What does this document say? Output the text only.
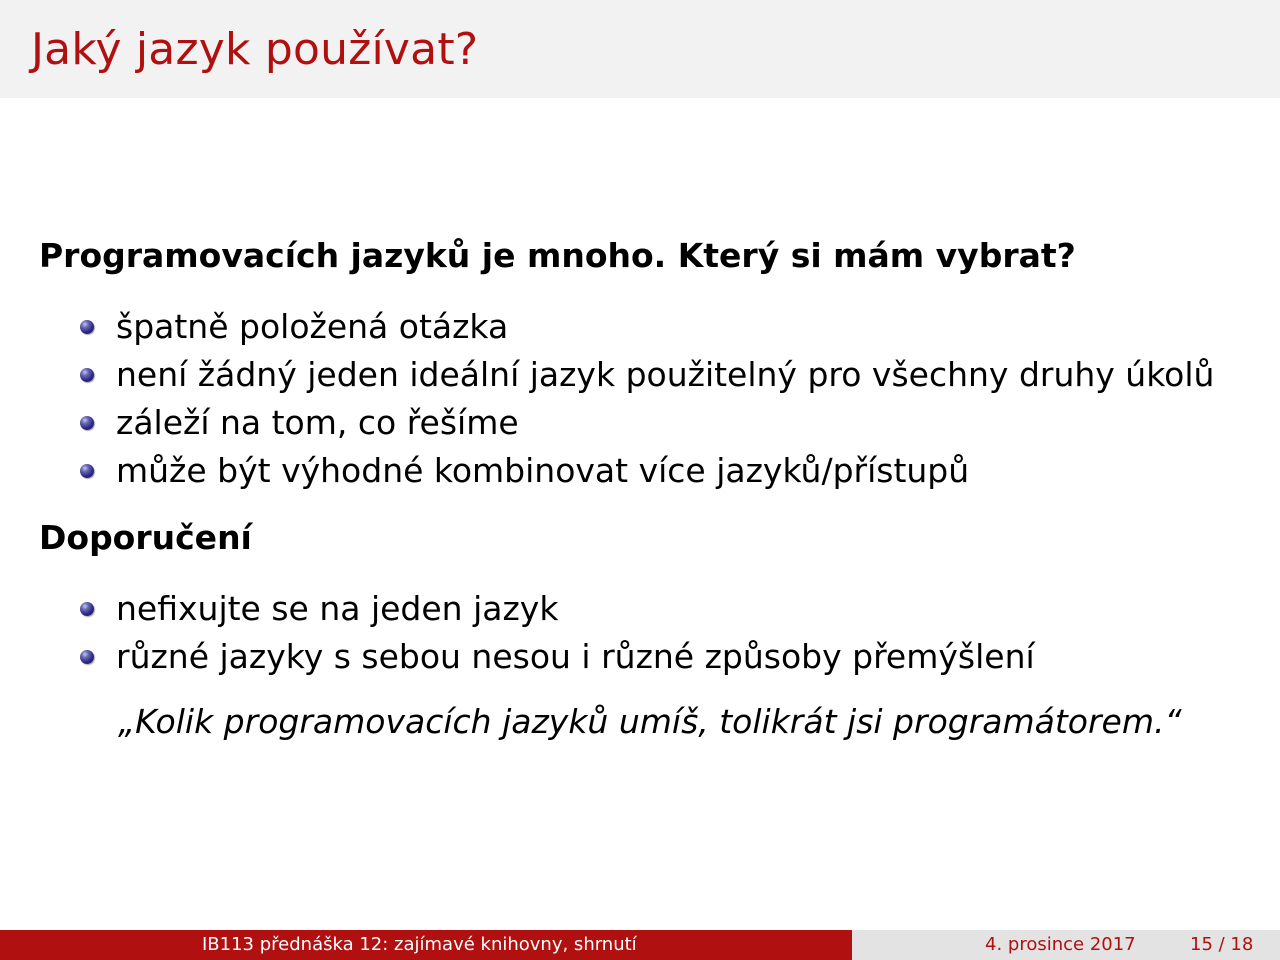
Jaký jazyk používat?
Programovacích jazyků je mnoho. Který si mám vybrat?
špatně položená otázka
není žádný jeden ideální jazyk použitelný pro všechny druhy úkolů
záleží na tom, co řešíme
může být výhodné kombinovat více jazyků/přístupů
Doporučení
nefixujte se na jeden jazyk
různé jazyky s sebou nesou i různé způsoby přemýšlení
„Kolik programovacích jazyků umíš, tolikrát jsi programátorem.“
IB113 přednáška 12: zajímavé knihovny, shrnutí	4. prosince 2017	15 / 18
